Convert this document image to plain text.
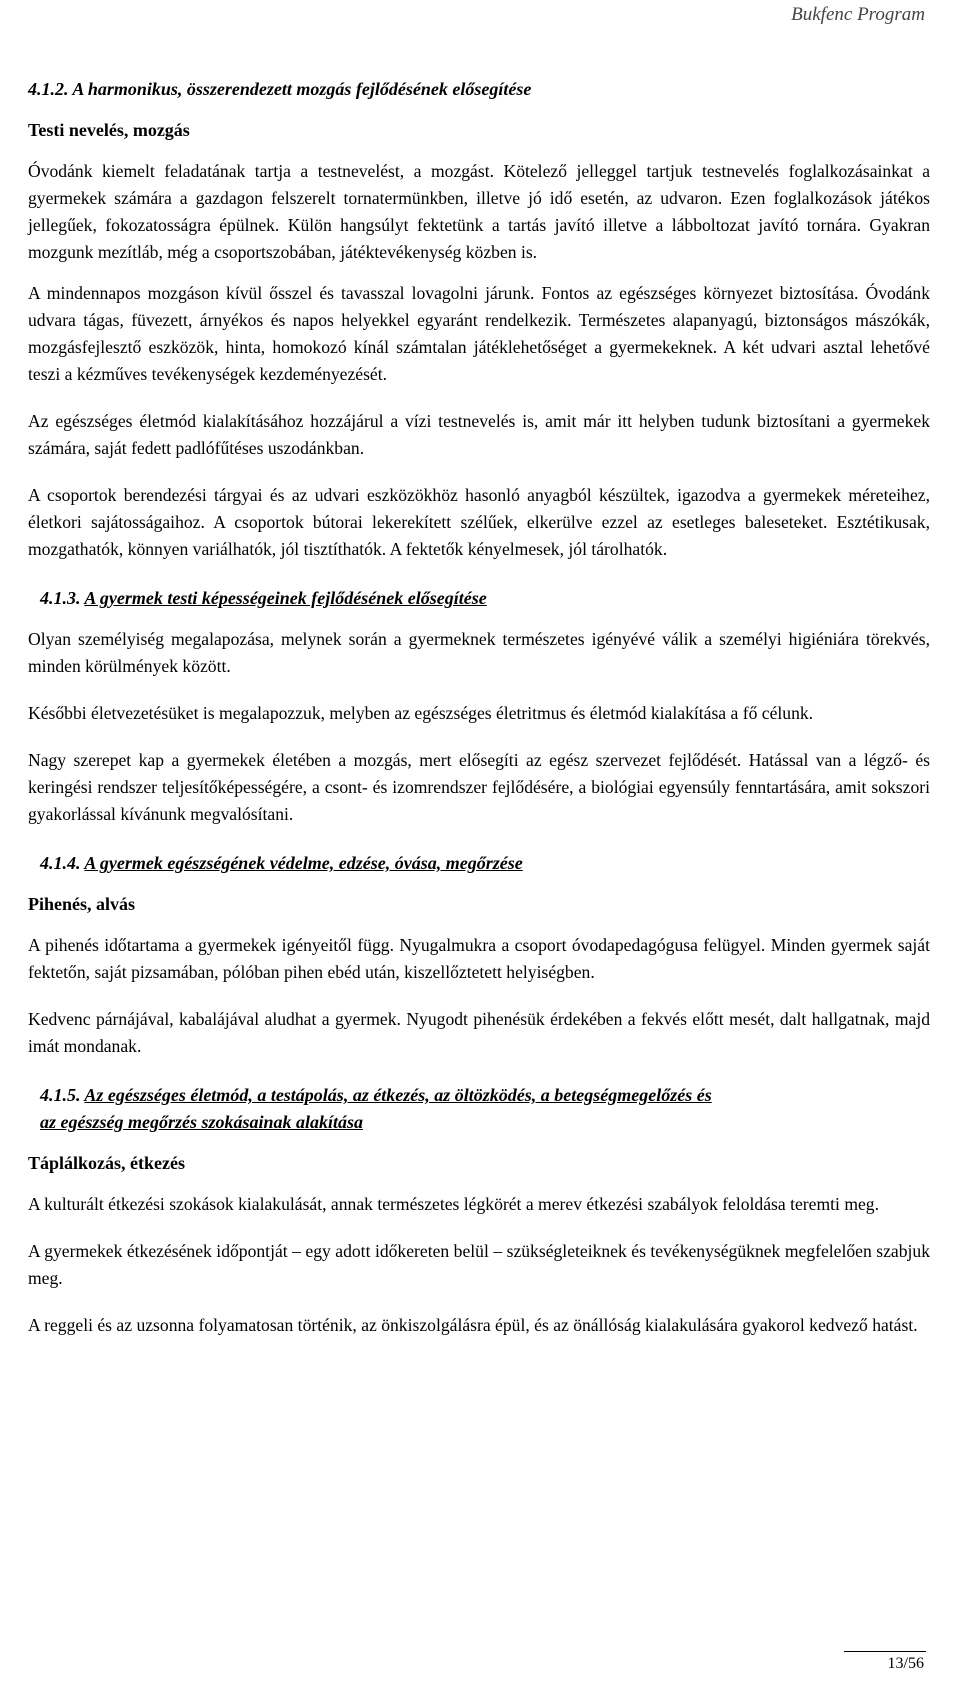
Bukfenc Program
4.1.2. A harmonikus, összerendezett mozgás fejlődésének elősegítése
Testi nevelés, mozgás

Óvodánk kiemelt feladatának tartja a testnevelést, a mozgást. Kötelező jelleggel tartjuk testnevelés foglalkozásainkat a gyermekek számára a gazdagon felszerelt tornatermünkben, illetve jó idő esetén, az udvaron. Ezen foglalkozások játékos jellegűek, fokozatosságra épülnek. Külön hangsúlyt fektetünk a tartás javító illetve a lábboltozat javító tornára. Gyakran mozgunk mezítláb, még a csoportszobában, játéktevékenység közben is.

A mindennapos mozgáson kívül ősszel és tavasszal lovagolni járunk. Fontos az egészséges környezet biztosítása. Óvodánk udvara tágas, füvezett, árnyékos és napos helyekkel egyaránt rendelkezik. Természetes alapanyagú, biztonságos mászókák, mozgásfejlesztő eszközök, hinta, homokozó kínál számtalan játéklehetőséget a gyermekeknek. A két udvari asztal lehetővé teszi a kézműves tevékenységek kezdeményezését.

Az egészséges életmód kialakításához hozzájárul a vízi testnevelés is, amit már itt helyben tudunk biztosítani a gyermekek számára, saját fedett padlófűtéses uszodánkban.

A csoportok berendezési tárgyai és az udvari eszközökhöz hasonló anyagból készültek, igazodva a gyermekek méreteihez, életkori sajátosságaihoz. A csoportok bútorai lekerekített szélűek, elkerülve ezzel az esetleges baleseteket. Esztétikusak, mozgathatók, könnyen variálhatók, jól tisztíthatók. A fektetők kényelmesek, jól tárolhatók.

4.1.3. A gyermek testi képességeinek fejlődésének elősegítése

Olyan személyiség megalapozása, melynek során a gyermeknek természetes igényévé válik a személyi higiéniára törekvés, minden körülmények között.

Későbbi életvezetésüket is megalapozzuk, melyben az egészséges életritmus és életmód kialakítása a fő célunk.

Nagy szerepet kap a gyermekek életében a mozgás, mert elősegíti az egész szervezet fejlődését. Hatással van a légző- és keringési rendszer teljesítőképességére, a csont- és izomrendszer fejlődésére, a biológiai egyensúly fenntartására, amit sokszori gyakorlással kívánunk megvalósítani.

4.1.4. A gyermek egészségének védelme, edzése, óvása, megőrzése
Pihenés, alvás

A pihenés időtartama a gyermekek igényeitől függ. Nyugalmukra a csoport óvodapedagógusa felügyel. Minden gyermek saját fektetőn, saját pizsamában, pólóban pihen ebéd után, kiszellőztetett helyiségben.

Kedvenc párnájával, kabalájával aludhat a gyermek. Nyugodt pihenésük érdekében a fekvés előtt mesét, dalt hallgatnak, majd imát mondanak.

4.1.5. Az egészséges életmód, a testápolás, az étkezés, az öltözködés, a betegségmegelőzés és
az egészség megőrzés szokásainak alakítása
Táplálkozás, étkezés

A kulturált étkezési szokások kialakulását, annak természetes légkörét a merev étkezési szabályok feloldása teremti meg.

A gyermekek étkezésének időpontját – egy adott időkereten belül – szükségleteiknek és tevékenységüknek megfelelően szabjuk meg.

A reggeli és az uzsonna folyamatosan történik, az önkiszolgálásra épül, és az önállóság kialakulására gyakorol kedvező hatást.

13/56
